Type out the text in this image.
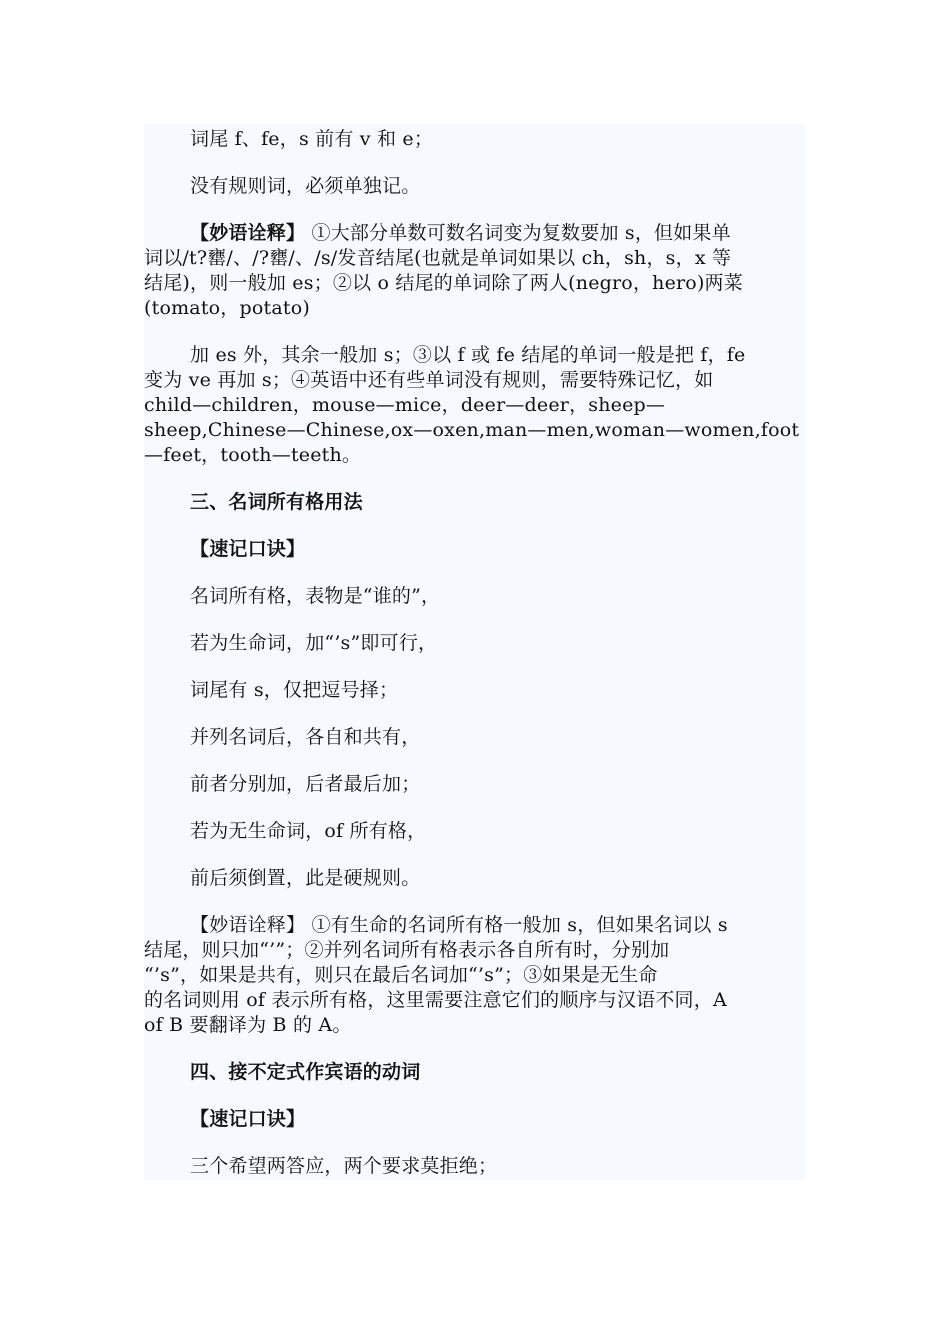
词尾 f、fe，s 前有 v 和 e；

没有规则词，必须单独记。

【妙语诠释】 ①大部分单数可数名词变为复数要加 s，但如果单
词以/t?罋/、/?罋/、/s/发音结尾(也就是单词如果以 ch，sh，s，x 等
结尾)，则一般加 es；②以 o 结尾的单词除了两人(negro，hero)两菜
(tomato，potato)

加 es 外，其余一般加 s；③以 f 或 fe 结尾的单词一般是把 f，fe
变为 ve 再加 s；④英语中还有些单词没有规则，需要特殊记忆，如
child—children，mouse—mice，deer—deer，sheep—
sheep,Chinese—Chinese,ox—oxen,man—men,woman—women,foot
—feet，tooth—teeth。

三、名词所有格用法

【速记口诀】

名词所有格，表物是“谁的”，

若为生命词，加“’s”即可行，

词尾有 s，仅把逗号择；

并列名词后，各自和共有，

前者分别加，后者最后加；

若为无生命词，of 所有格，

前后须倒置，此是硬规则。

【妙语诠释】 ①有生命的名词所有格一般加 s，但如果名词以 s
结尾，则只加“’”；②并列名词所有格表示各自所有时，分别加
“’s”，如果是共有，则只在最后名词加“’s”；③如果是无生命
的名词则用 of 表示所有格，这里需要注意它们的顺序与汉语不同，A
of B 要翻译为 B 的 A。

四、接不定式作宾语的动词

【速记口诀】

三个希望两答应，两个要求莫拒绝；
